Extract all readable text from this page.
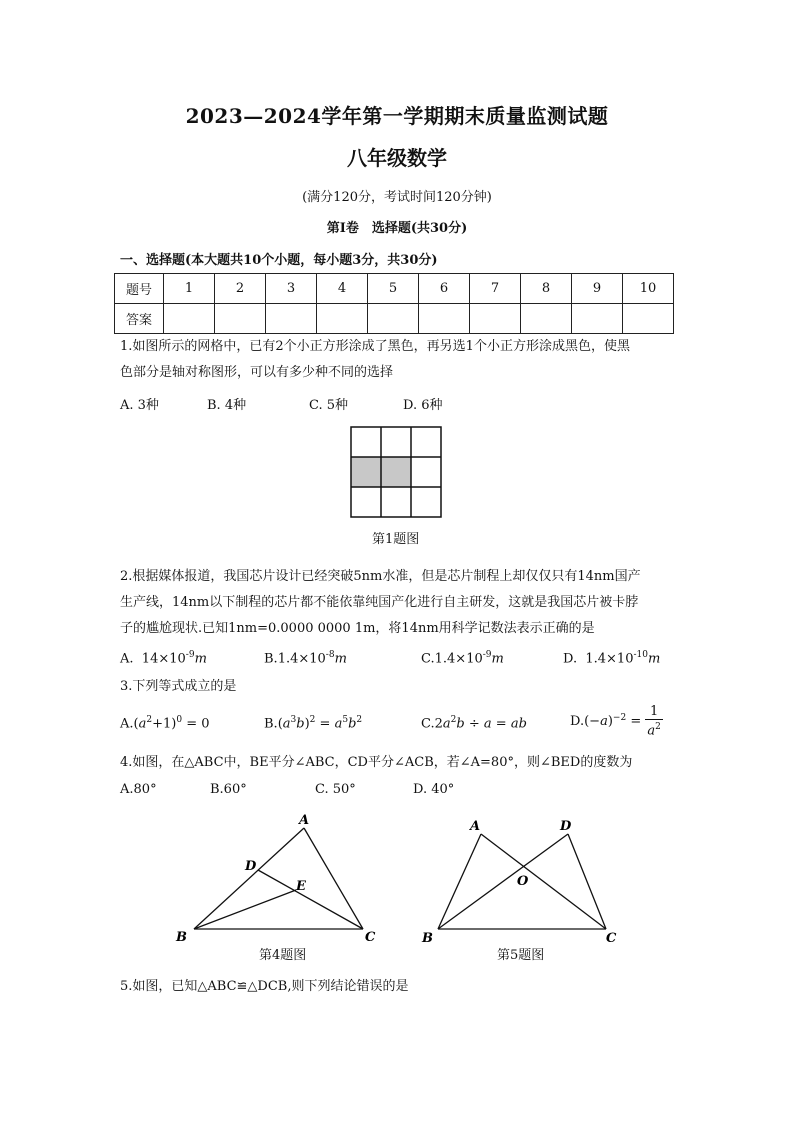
2023—2024学年第一学期期末质量监测试题
八年级数学
(满分120分，考试时间120分钟)
第Ⅰ卷　选择题(共30分)
一、选择题(本大题共10个小题，每小题3分，共30分)
题号	1	2	3	4	5	6	7	8	9	10
答案										
1.如图所示的网格中，已有2个小正方形涂成了黑色，再另选1个小正方形涂成黑色，使黑
色部分是轴对称图形，可以有多少种不同的选择
A. 3种	B. 4种	C. 5种	D. 6种
第1题图
2.根据媒体报道，我国芯片设计已经突破5nm水准，但是芯片制程上却仅仅只有14nm国产
生产线，14nm以下制程的芯片都不能依靠纯国产化进行自主研发，这就是我国芯片被卡脖
子的尴尬现状.已知1nm=0.0000 0000 1m，将14nm用科学记数法表示正确的是
A. $14\times 10^{-9}m$	$B.1.4\times 10^{-8}m$	$C.1.4\times 10^{-9}m$	D. $1.4\times 10^{-10}m$
3.下列等式成立的是
$A.(a^2+1)^0 = 0$	$B.(a^3b)^2 = a^5b^2$	$C.2a^2b \div a$ = ab	$D.(-a)^{-2} = \frac{1}{a^2}$
4.如图，在△ABC中，BE平分∠ABC，CD平分∠ACB，若∠A=80°，则∠BED的度数为
A.80°	B.60°	C. 50°	D. 40°
A
B	C
D
E
第4题图
A	D
B	C
O
第5题图
5.如图，已知△ABC≌△DCB,则下列结论错误的是
